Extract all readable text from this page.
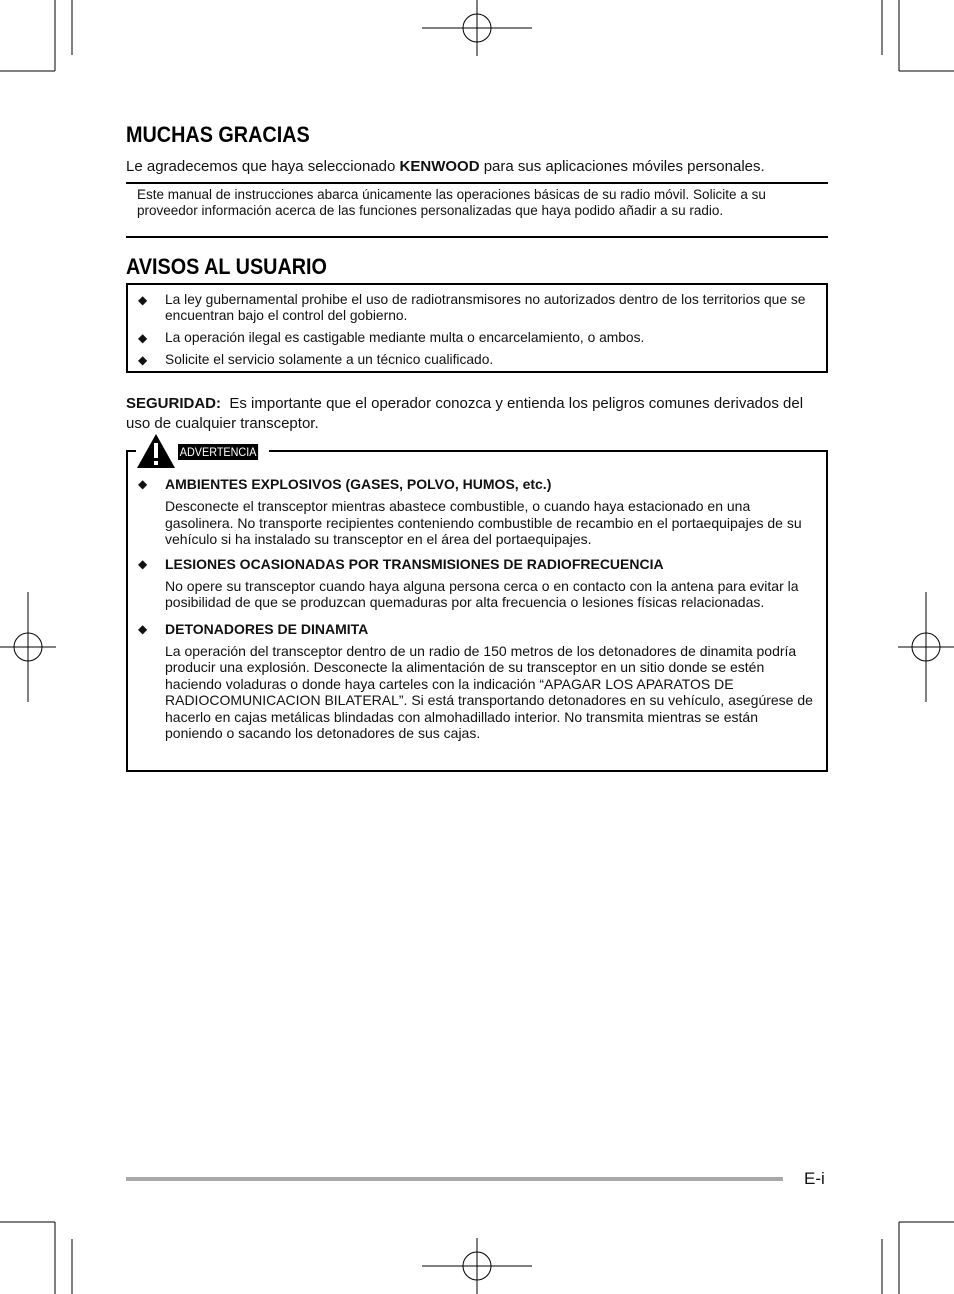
MUCHAS GRACIAS

Le agradecemos que haya seleccionado KENWOOD para sus aplicaciones móviles personales.

Este manual de instrucciones abarca únicamente las operaciones básicas de su radio móvil. Solicite a su proveedor información acerca de las funciones personalizadas que haya podido añadir a su radio.

AVISOS AL USUARIO
◆ La ley gubernamental prohibe el uso de radiotransmisores no autorizados dentro de los territorios que se encuentran bajo el control del gobierno.
◆ La operación ilegal es castigable mediante multa o encarcelamiento, o ambos.
◆ Solicite el servicio solamente a un técnico cualificado.

SEGURIDAD: Es importante que el operador conozca y entienda los peligros comunes derivados del uso de cualquier transceptor.

◆ AMBIENTES EXPLOSIVOS (GASES, POLVO, HUMOS, etc.)

Desconecte el transceptor mientras abastece combustible, o cuando haya estacionado en una gasolinera. No transporte recipientes conteniendo combustible de recambio en el portaequipajes de su vehículo si ha instalado su transceptor en el área del portaequipajes.

◆ LESIONES OCASIONADAS POR TRANSMISIONES DE RADIOFRECUENCIA

No opere su transceptor cuando haya alguna persona cerca o en contacto con la antena para evitar la posibilidad de que se produzcan quemaduras por alta frecuencia o lesiones físicas relacionadas.

◆ DETONADORES DE DINAMITA

La operación del transceptor dentro de un radio de 150 metros de los detonadores de dinamita podría producir una explosión. Desconecte la alimentación de su transceptor en un sitio donde se estén haciendo voladuras o donde haya carteles con la indicación “APAGAR LOS APARATOS DE RADIOCOMUNICACION BILATERAL”. Si está transportando detonadores en su vehículo, asegúrese de hacerlo en cajas metálicas blindadas con almohadillado interior. No transmita mientras se están poniendo o sacando los detonadores de sus cajas.

ADVERTENCIA

E-i
